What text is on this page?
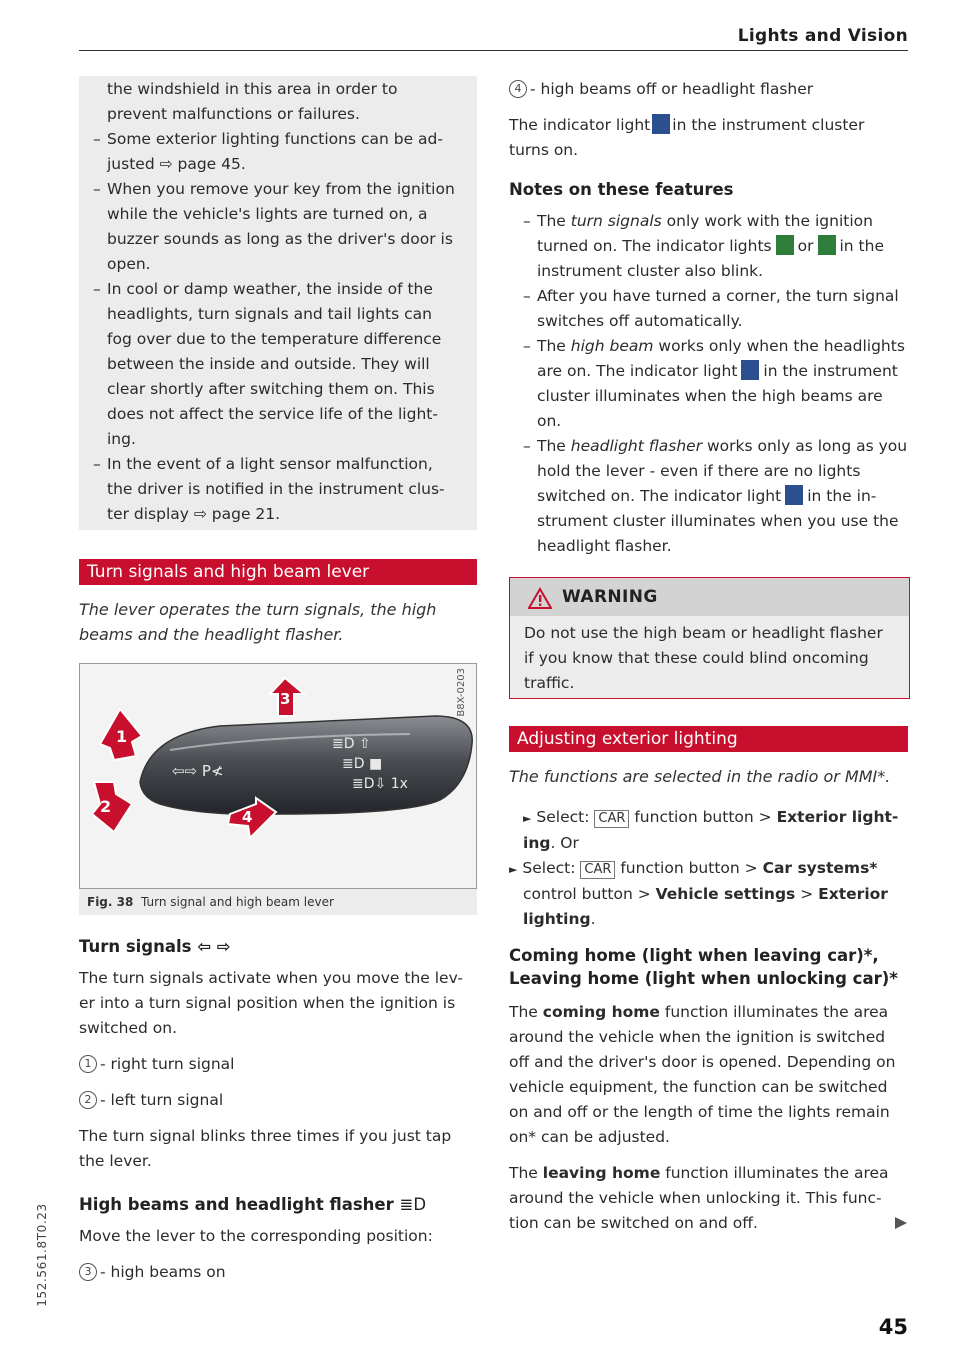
Lights and Vision
152.561.8T0.23

the windshield in this area in order to

prevent malfunctions or failures.

– Some exterior lighting functions can be ad-

justed ⇨ page 45.

– When you remove your key from the ignition

while the vehicle's lights are turned on, a

buzzer sounds as long as the driver's door is

open.

– In cool or damp weather, the inside of the

headlights, turn signals and tail lights can

fog over due to the temperature difference

between the inside and outside. They will

clear shortly after switching them on. This

does not affect the service life of the light-

ing.

– In the event of a light sensor malfunction,

the driver is notified in the instrument clus-

ter display ⇨ page 21.

Turn signals and high beam lever
The lever operates the turn signals, the high
beams and the headlight flasher.
⇦⇨ P≮
≣D ⇧
≣D ■
≣D⇩ 1x
1
2
3
4
B8X-0203
Fig. 38 Turn signal and high beam lever
Turn signals ⇦ ⇨

The turn signals activate when you move the lev-

er into a turn signal position when the ignition is

switched on.

1 - right turn signal

2 - left turn signal

The turn signal blinks three times if you just tap

the lever.

High beams and headlight flasher ≣D

Move the lever to the corresponding position:

3 - high beams on

4 - high beams off or headlight flasher

The indicator light in the instrument cluster

turns on.

Notes on these features

– The turn signals only work with the ignition

turned on. The indicator lights or in the

instrument cluster also blink.

– After you have turned a corner, the turn signal

switches off automatically.

– The high beam works only when the headlights

are on. The indicator light in the instrument

cluster illuminates when the high beams are

on.

– The headlight flasher works only as long as you

hold the lever - even if there are no lights

switched on. The indicator light in the in-

strument cluster illuminates when you use the

headlight flasher.

WARNING

Do not use the high beam or headlight flasher

if you know that these could blind oncoming

traffic.

Adjusting exterior lighting
The functions are selected in the radio or MMI*.

► Select: CAR function button > Exterior light-

ing. Or

► Select: CAR function button > Car systems*

control button > Vehicle settings > Exterior

lighting.

Coming home (light when leaving car)*,
Leaving home (light when unlocking car)*

The coming home function illuminates the area

around the vehicle when the ignition is switched

off and the driver's door is opened. Depending on

vehicle equipment, the function can be switched

on and off or the length of time the lights remain

on* can be adjusted.

The leaving home function illuminates the area

around the vehicle when unlocking it. This func-

tion can be switched on and off.

45
